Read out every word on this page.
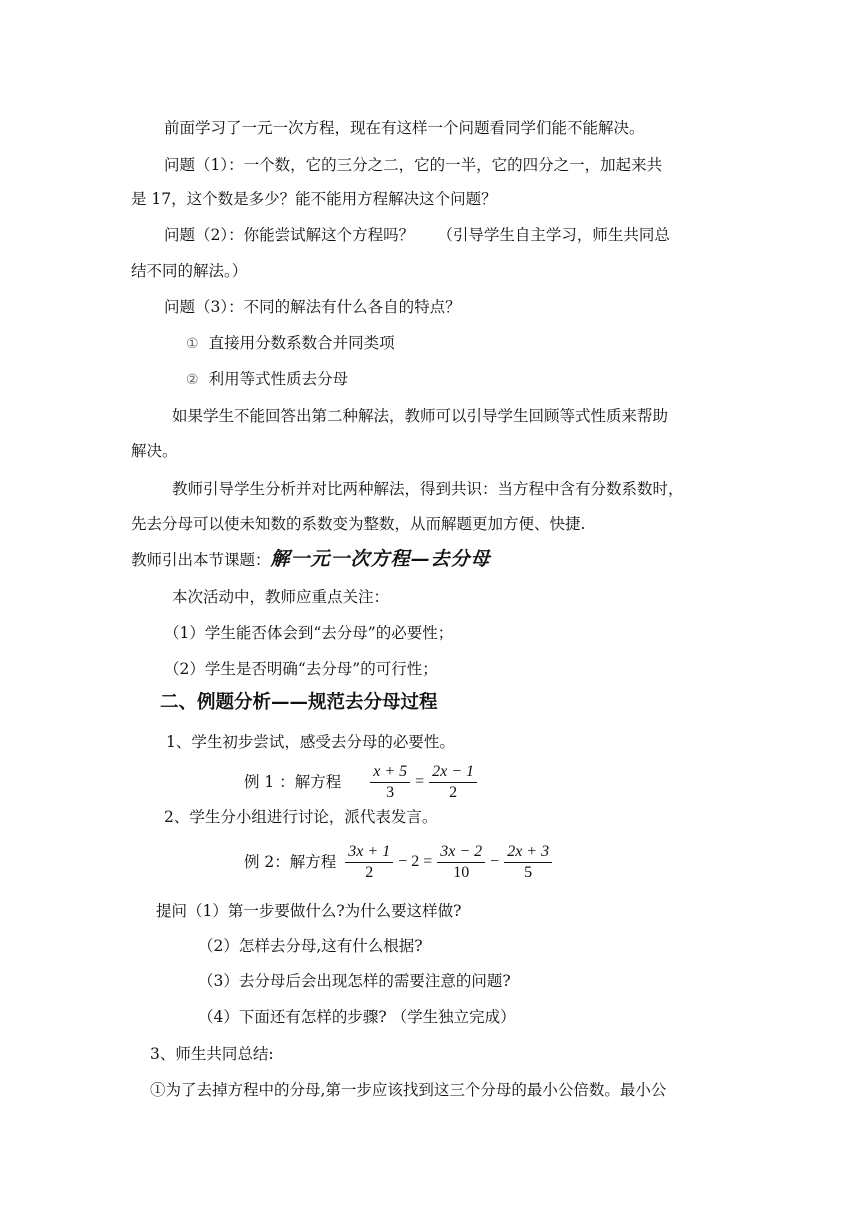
前面学习了一元一次方程，现在有这样一个问题看同学们能不能解决。
问题（1）：一个数，它的三分之二，它的一半，它的四分之一，加起来共
是 17，这个数是多少？能不能用方程解决这个问题？
问题（2）：你能尝试解这个方程吗？　　（引导学生自主学习，师生共同总
结不同的解法。）
问题（3）：不同的解法有什么各自的特点？
① 直接用分数系数合并同类项
② 利用等式性质去分母
如果学生不能回答出第二种解法，教师可以引导学生回顾等式性质来帮助
解决。
教师引导学生分析并对比两种解法，得到共识：当方程中含有分数系数时，
先去分母可以使未知数的系数变为整数，从而解题更加方便、快捷.
教师引出本节课题：解一元一次方程—去分母
本次活动中，教师应重点关注：
（1）学生能否体会到“去分母”的必要性；
（2）学生是否明确“去分母”的可行性；
二、例题分析——规范去分母过程
1、学生初步尝试，感受去分母的必要性。
例 1 ：解方程 $\frac{x + 5}{3} = \frac{2x - 1}{2}$
2、学生分小组进行讨论，派代表发言。
例 2：解方程 $\frac{3x + 1}{2} - 2 = \frac{3x - 2}{10} - \frac{2x + 3}{5}$
提问（1）第一步要做什么?为什么要这样做?
（2）怎样去分母,这有什么根据?
（3）去分母后会出现怎样的需要注意的问题?
（4）下面还有怎样的步骤? （学生独立完成）
3、师生共同总结:
①为了去掉方程中的分母,第一步应该找到这三个分母的最小公倍数。最小公
